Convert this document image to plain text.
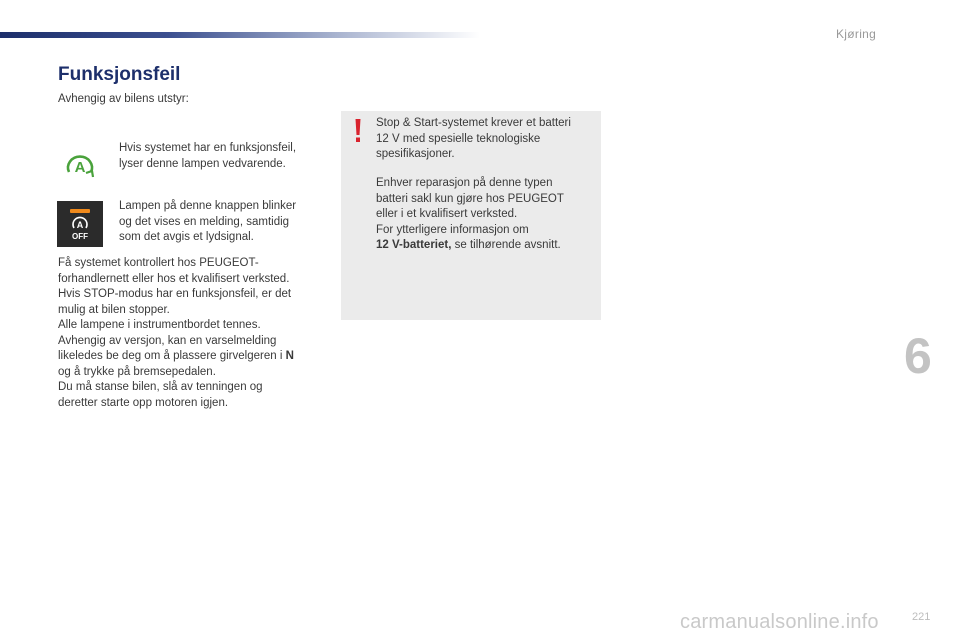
Kjøring
Funksjonsfeil
Avhengig av bilens utstyr:
A
Hvis systemet har en funksjonsfeil,
lyser denne lampen vedvarende.
A
OFF
Lampen på denne knappen blinker
og det vises en melding, samtidig
som det avgis et lydsignal.
Få systemet kontrollert hos PEUGEOT-
forhandlernett eller hos et kvalifisert verksted.
Hvis STOP-modus har en funksjonsfeil, er det
mulig at bilen stopper.
Alle lampene i instrumentbordet tennes.
Avhengig av versjon, kan en varselmelding
likeledes be deg om å plassere girvelgeren i N
og å trykke på bremsepedalen.
Du må stanse bilen, slå av tenningen og
deretter starte opp motoren igjen.
Stop & Start-systemet krever et batteri
12 V med spesielle teknologiske
spesifikasjoner.
Enhver reparasjon på denne typen
batteri sakl kun gjøre hos PEUGEOT
eller i et kvalifisert verksted.
For ytterligere informasjon om
12 V-batteriet, se tilhørende avsnitt.
6
carmanualsonline.info	221
